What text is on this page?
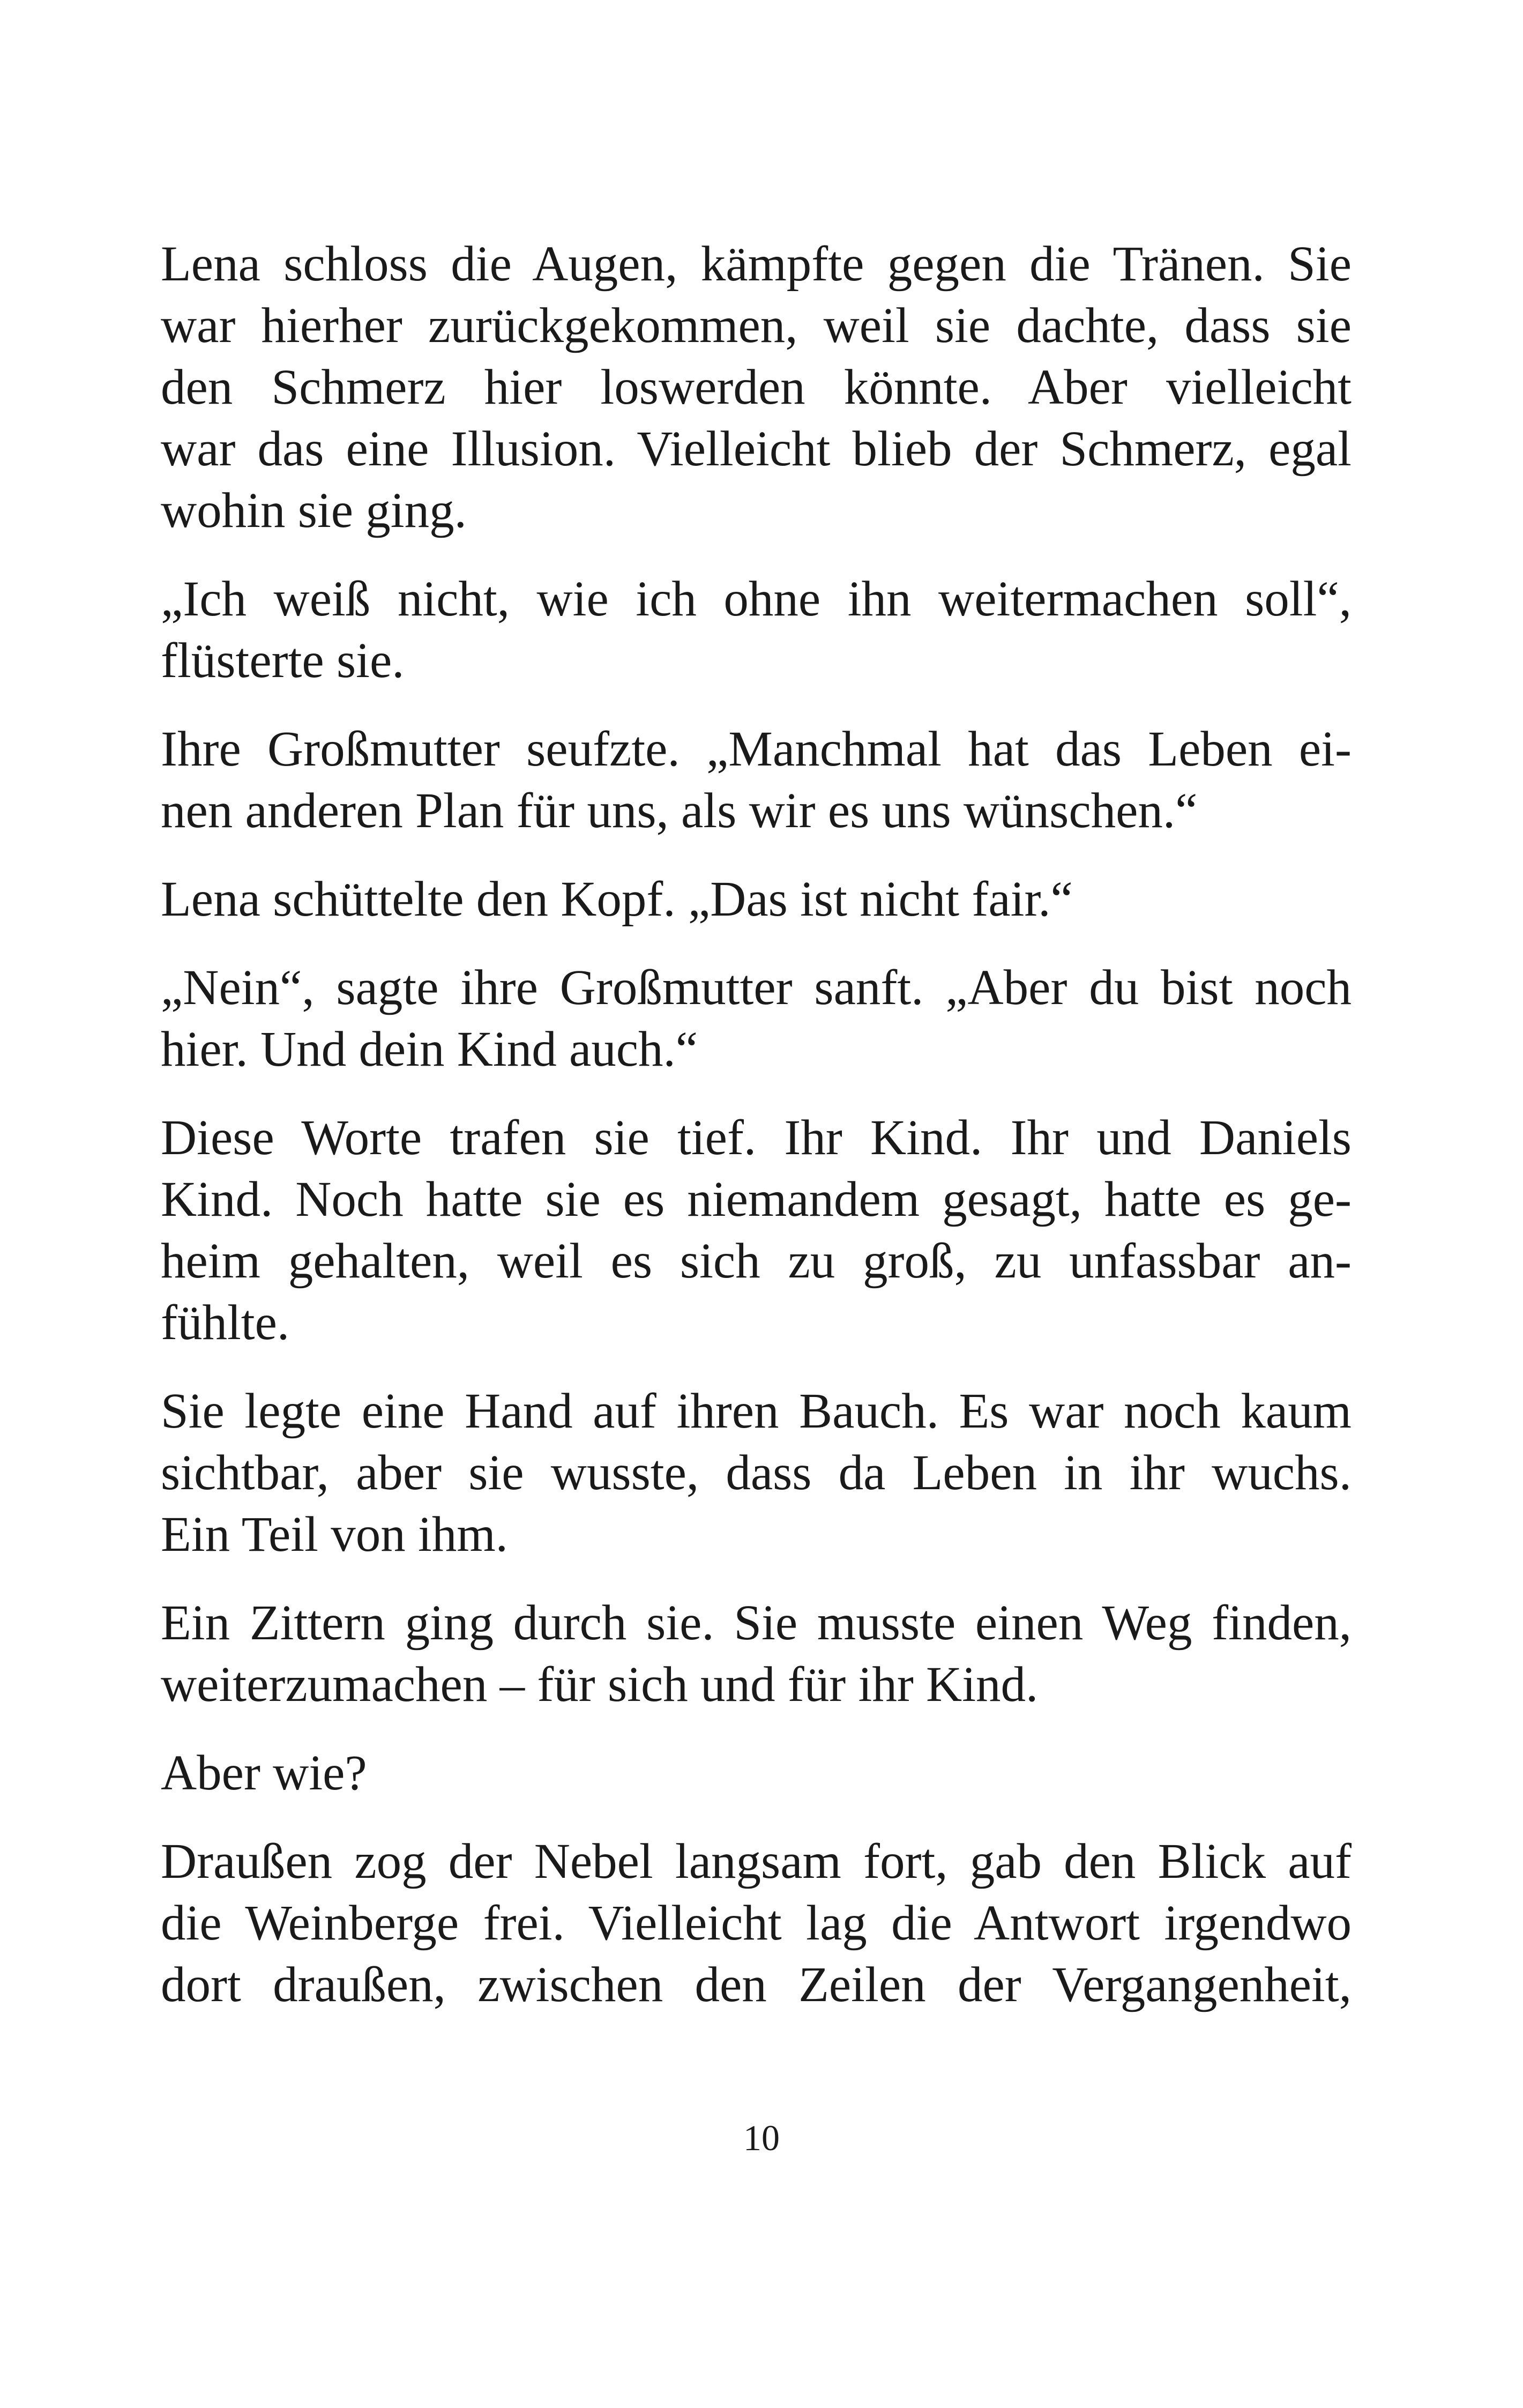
Lena schloss die Augen, kämpfte gegen die Tränen. Sie
war hierher zurückgekommen, weil sie dachte, dass sie
den Schmerz hier loswerden könnte. Aber vielleicht
war das eine Illusion. Vielleicht blieb der Schmerz, egal
wohin sie ging.

„Ich weiß nicht, wie ich ohne ihn weitermachen soll“,
flüsterte sie.

Ihre Großmutter seufzte. „Manchmal hat das Leben ei-
nen anderen Plan für uns, als wir es uns wünschen.“

Lena schüttelte den Kopf. „Das ist nicht fair.“

„Nein“, sagte ihre Großmutter sanft. „Aber du bist noch
hier. Und dein Kind auch.“

Diese Worte trafen sie tief. Ihr Kind. Ihr und Daniels
Kind. Noch hatte sie es niemandem gesagt, hatte es ge-
heim gehalten, weil es sich zu groß, zu unfassbar an-
fühlte.

Sie legte eine Hand auf ihren Bauch. Es war noch kaum
sichtbar, aber sie wusste, dass da Leben in ihr wuchs.
Ein Teil von ihm.

Ein Zittern ging durch sie. Sie musste einen Weg finden,
weiterzumachen – für sich und für ihr Kind.

Aber wie?

Draußen zog der Nebel langsam fort, gab den Blick auf
die Weinberge frei. Vielleicht lag die Antwort irgendwo
dort draußen, zwischen den Zeilen der Vergangenheit,

10
